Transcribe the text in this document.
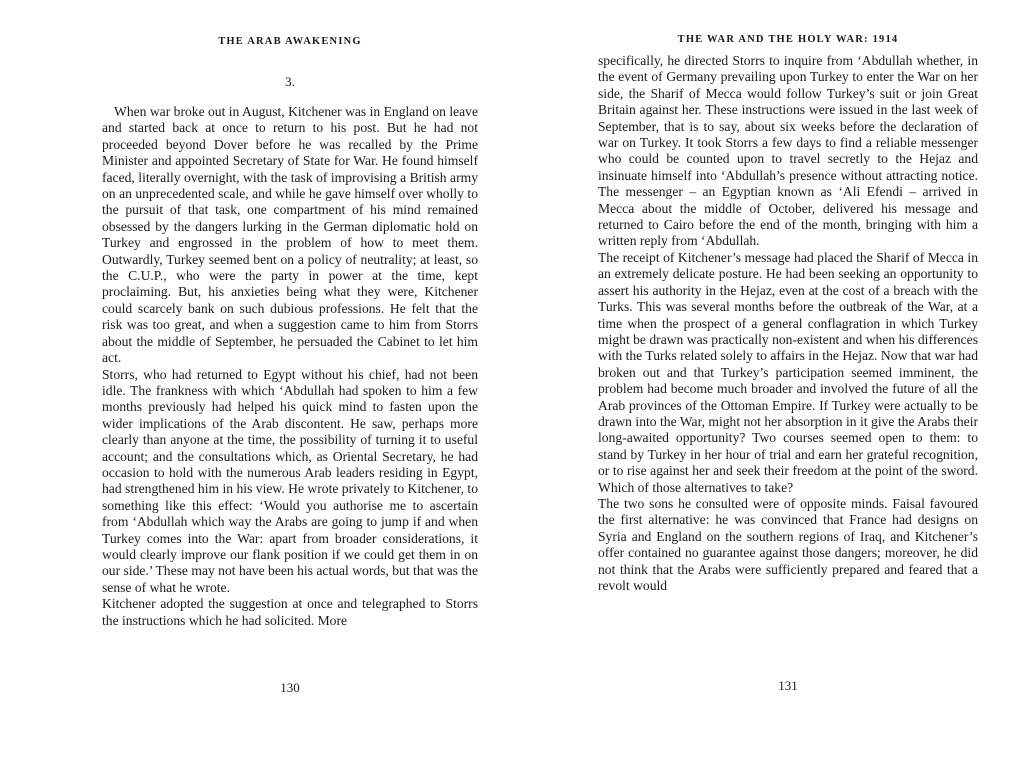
THE ARAB AWAKENING
3.

When war broke out in August, Kitchener was in England on leave and started back at once to return to his post. But he had not proceeded beyond Dover before he was recalled by the Prime Minister and appointed Secretary of State for War. He found himself faced, literally overnight, with the task of improvising a British army on an unprecedented scale, and while he gave himself over wholly to the pursuit of that task, one compartment of his mind remained obsessed by the dangers lurking in the German diplomatic hold on Turkey and engrossed in the problem of how to meet them. Outwardly, Turkey seemed bent on a policy of neutrality; at least, so the C.U.P., who were the party in power at the time, kept proclaiming. But, his anxieties being what they were, Kitchener could scarcely bank on such dubious professions. He felt that the risk was too great, and when a suggestion came to him from Storrs about the middle of September, he persuaded the Cabinet to let him act.

Storrs, who had returned to Egypt without his chief, had not been idle. The frankness with which ‘Abdullah had spoken to him a few months previously had helped his quick mind to fasten upon the wider implications of the Arab discontent. He saw, perhaps more clearly than anyone at the time, the possibility of turning it to useful account; and the consultations which, as Oriental Secretary, he had occasion to hold with the numerous Arab leaders residing in Egypt, had strengthened him in his view. He wrote privately to Kitchener, to something like this effect: ‘Would you authorise me to ascertain from ‘Abdullah which way the Arabs are going to jump if and when Turkey comes into the War: apart from broader considerations, it would clearly improve our flank position if we could get them in on our side.’ These may not have been his actual words, but that was the sense of what he wrote.

Kitchener adopted the suggestion at once and telegraphed to Storrs the instructions which he had solicited. More

130
THE WAR AND THE HOLY WAR: 1914

specifically, he directed Storrs to inquire from ‘Abdullah whether, in the event of Germany prevailing upon Turkey to enter the War on her side, the Sharif of Mecca would follow Turkey’s suit or join Great Britain against her. These instructions were issued in the last week of September, that is to say, about six weeks before the declaration of war on Turkey. It took Storrs a few days to find a reliable messenger who could be counted upon to travel secretly to the Hejaz and insinuate himself into ‘Abdullah’s presence without attracting notice. The messenger – an Egyptian known as ‘Ali Efendi – arrived in Mecca about the middle of October, delivered his message and returned to Cairo before the end of the month, bringing with him a written reply from ‘Abdullah.

The receipt of Kitchener’s message had placed the Sharif of Mecca in an extremely delicate posture. He had been seeking an opportunity to assert his authority in the Hejaz, even at the cost of a breach with the Turks. This was several months before the outbreak of the War, at a time when the prospect of a general conflagration in which Turkey might be drawn was practically non-existent and when his differences with the Turks related solely to affairs in the Hejaz. Now that war had broken out and that Turkey’s participation seemed imminent, the problem had become much broader and involved the future of all the Arab provinces of the Ottoman Empire. If Turkey were actually to be drawn into the War, might not her absorption in it give the Arabs their long-awaited opportunity? Two courses seemed open to them: to stand by Turkey in her hour of trial and earn her grateful recognition, or to rise against her and seek their freedom at the point of the sword. Which of those alternatives to take?

The two sons he consulted were of opposite minds. Faisal favoured the first alternative: he was convinced that France had designs on Syria and England on the southern regions of Iraq, and Kitchener’s offer contained no guarantee against those dangers; moreover, he did not think that the Arabs were sufficiently prepared and feared that a revolt would

131
